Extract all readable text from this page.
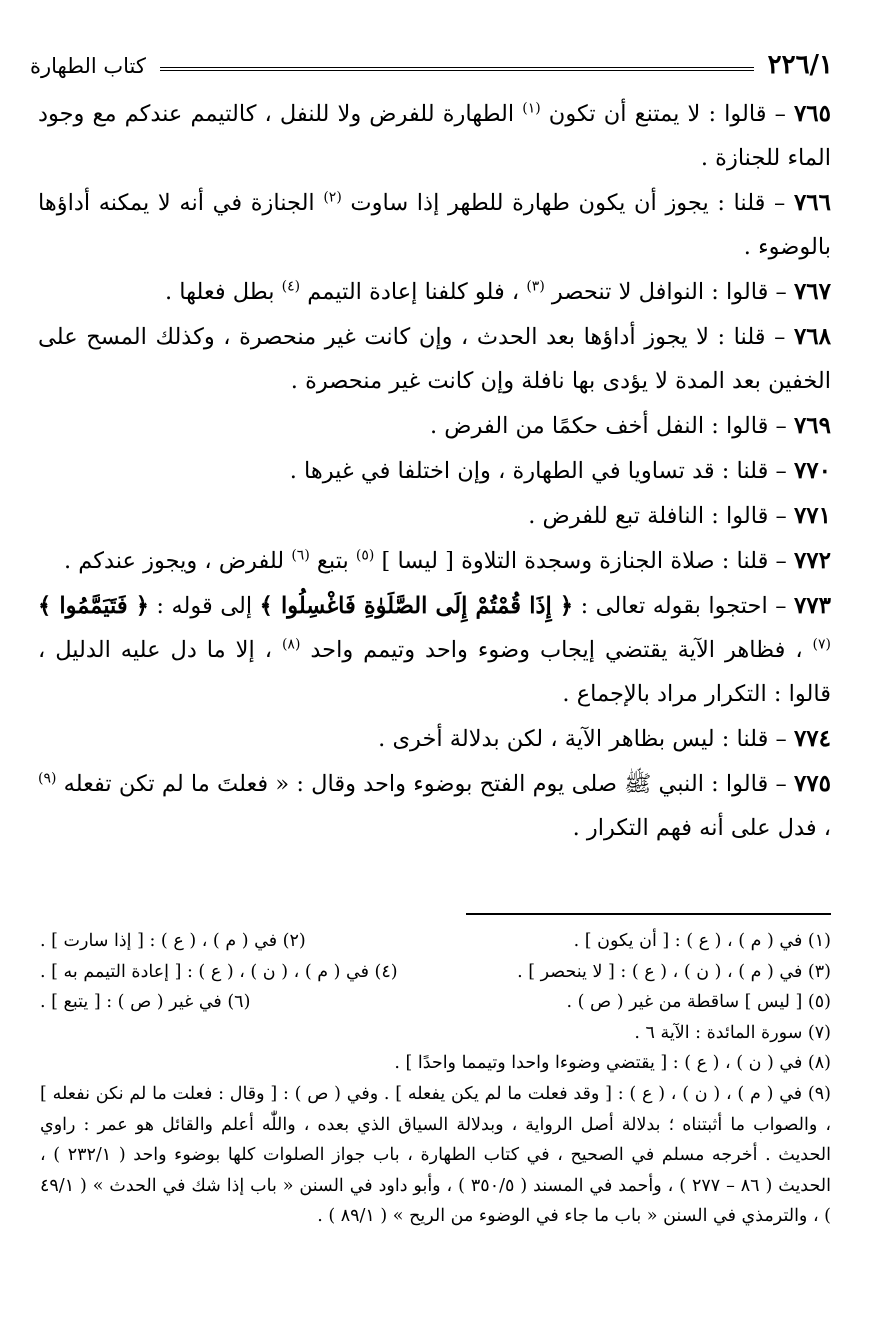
٢٢٦/١
كتاب الطهارة

٧٦٥ – قالوا : لا يمتنع أن تكون $^{(١)}$ الطهارة للفرض ولا للنفل ، كالتيمم عندكم مع وجود الماء للجنازة .

٧٦٦ – قلنا : يجوز أن يكون طهارة للطهر إذا ساوت $^{(٢)}$ الجنازة في أنه لا يمكنه أداؤها بالوضوء .

٧٦٧ – قالوا : النوافل لا تنحصر $^{(٣)}$ ، فلو كلفنا إعادة التيمم $^{(٤)}$ بطل فعلها .

٧٦٨ – قلنا : لا يجوز أداؤها بعد الحدث ، وإن كانت غير منحصرة ، وكذلك المسح على الخفين بعد المدة لا يؤدى بها نافلة وإن كانت غير منحصرة .

٧٦٩ – قالوا : النفل أخف حكمًا من الفرض .

٧٧٠ – قلنا : قد تساويا في الطهارة ، وإن اختلفا في غيرها .

٧٧١ – قالوا : النافلة تبع للفرض .

٧٧٢ – قلنا : صلاة الجنازة وسجدة التلاوة [ ليسا ] $^{(٥)}$ بتبع $^{(٦)}$ للفرض ، ويجوز عندكم .

٧٧٣ – احتجوا بقوله تعالى : ﴿ إِذَا قُمْتُمْ إِلَى الصَّلَوٰةِ فَاغْسِلُوا ﴾ إلى قوله : ﴿ فَتَيَمَّمُوا ﴾ $^{(٧)}$ ، فظاهر الآية يقتضي إيجاب وضوء واحد وتيمم واحد $^{(٨)}$ ، إلا ما دل عليه الدليل ، قالوا : التكرار مراد بالإجماع .

٧٧٤ – قلنا : ليس بظاهر الآية ، لكن بدلالة أخرى .

٧٧٥ – قالوا : النبي ﷺ صلى يوم الفتح بوضوء واحد وقال : « فعلتَ ما لم تكن تفعله $^{(٩)}$ ، فدل على أنه فهم التكرار .

(١) في ( م ) ، ( ع ) : [ أن يكون ] .
(٢) في ( م ) ، ( ع ) : [ إذا سارت ] .
(٣) في ( م ) ، ( ن ) ، ( ع ) : [ لا ينحصر ] .
(٤) في ( م ) ، ( ن ) ، ( ع ) : [ إعادة التيمم به ] .
(٥) [ ليس ] ساقطة من غير ( ص ) .
(٦) في غير ( ص ) : [ يتبع ] .
(٧) سورة المائدة : الآية ٦ .
(٨) في ( ن ) ، ( ع ) : [ يقتضي وضوءا واحدا وتيمما واحدًا ] .
(٩) في ( م ) ، ( ن ) ، ( ع ) : [ وقد فعلت ما لم يكن يفعله ] . وفي ( ص ) : [ وقال : فعلت ما لم نكن نفعله ] ، والصواب ما أثبتناه ؛ بدلالة أصل الرواية ، وبدلالة السياق الذي بعده ، واللّٰه أعلم والقائل هو عمر : راوي الحديث . أخرجه مسلم في الصحيح ، في كتاب الطهارة ، باب جواز الصلوات كلها بوضوء واحد ( ٢٣٢/١ ) ، الحديث ( ٨٦ – ٢٧٧ ) ، وأحمد في المسند ( ٣٥٠/٥ ) ، وأبو داود في السنن « باب إذا شك في الحدث » ( ٤٩/١ ) ، والترمذي في السنن « باب ما جاء في الوضوء من الريح » ( ٨٩/١ ) .
